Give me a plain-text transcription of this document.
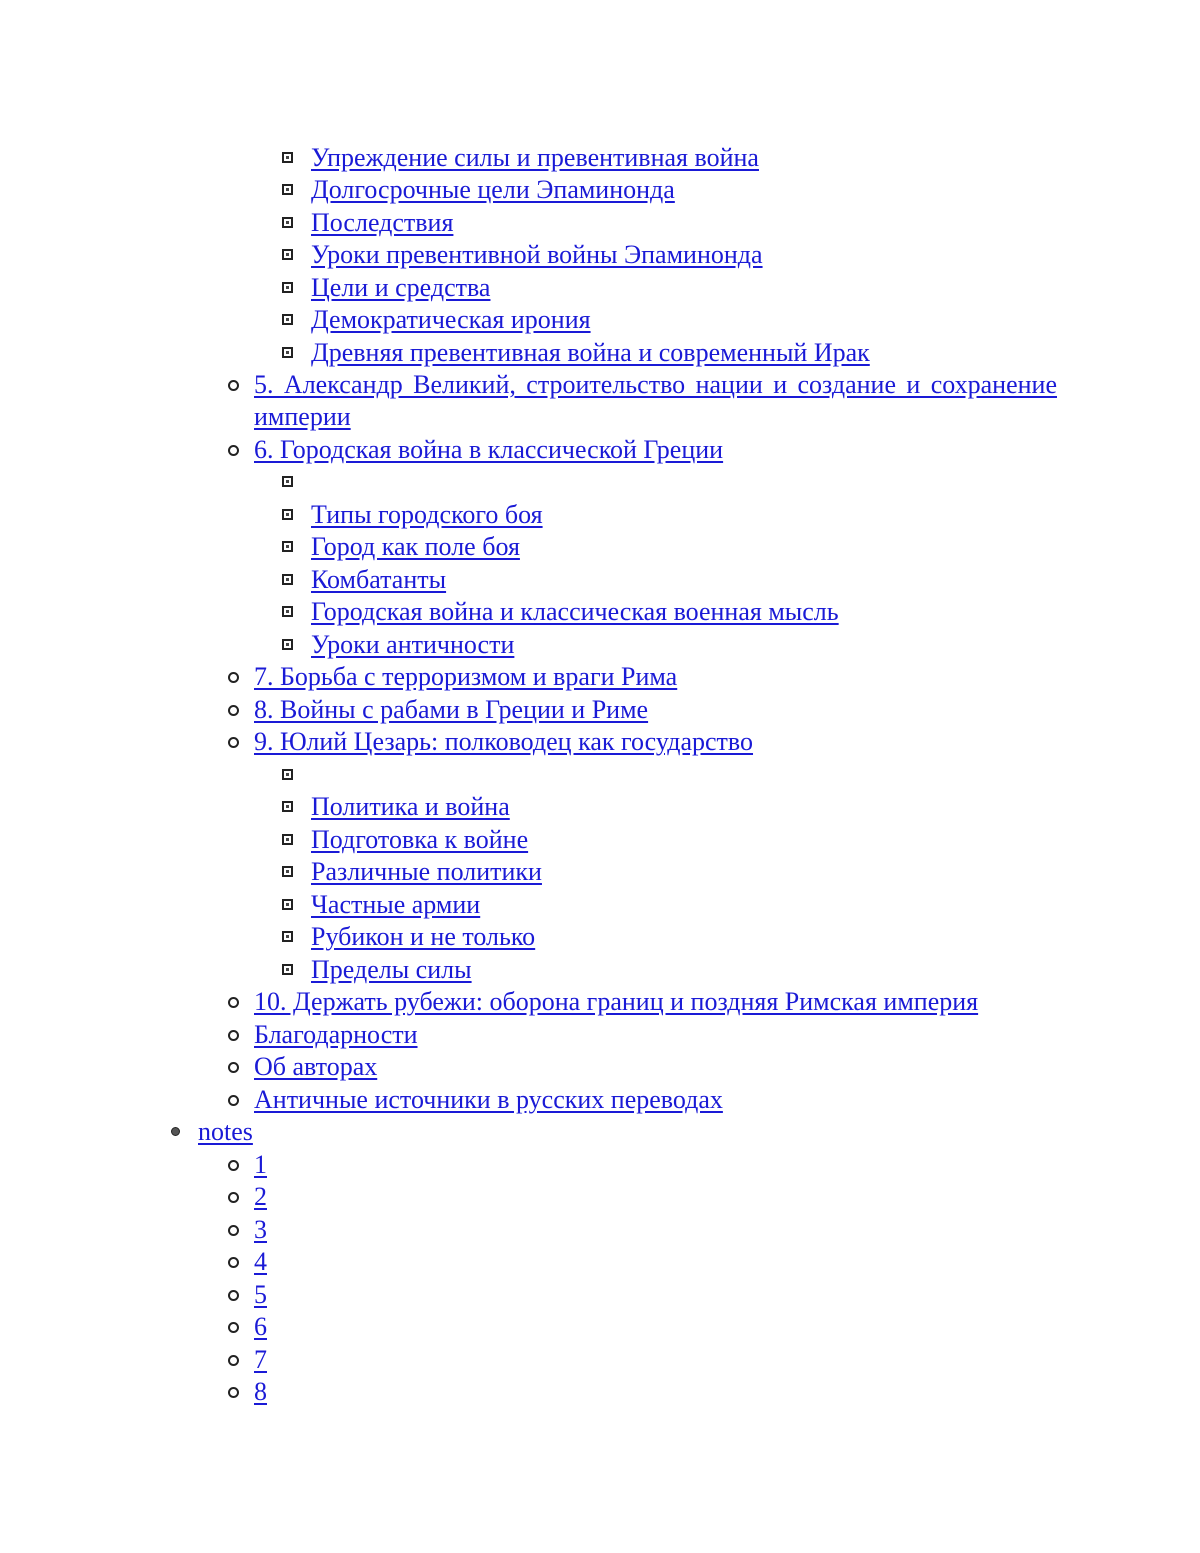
Упреждение силы и превентивная война
Долгосрочные цели Эпаминонда
Последствия
Уроки превентивной войны Эпаминонда
Цели и средства
Демократическая ирония
Древняя превентивная война и современный Ирак
5. Александр Великий, строительство нации и создание и сохранение империи
6. Городская война в классической Греции
Типы городского боя
Город как поле боя
Комбатанты
Городская война и классическая военная мысль
Уроки античности
7. Борьба с терроризмом и враги Рима
8. Войны с рабами в Греции и Риме
9. Юлий Цезарь: полководец как государство
Политика и война
Подготовка к войне
Различные политики
Частные армии
Рубикон и не только
Пределы силы
10. Держать рубежи: оборона границ и поздняя Римская империя
Благодарности
Об авторах
Античные источники в русских переводах
notes
1
2
3
4
5
6
7
8
